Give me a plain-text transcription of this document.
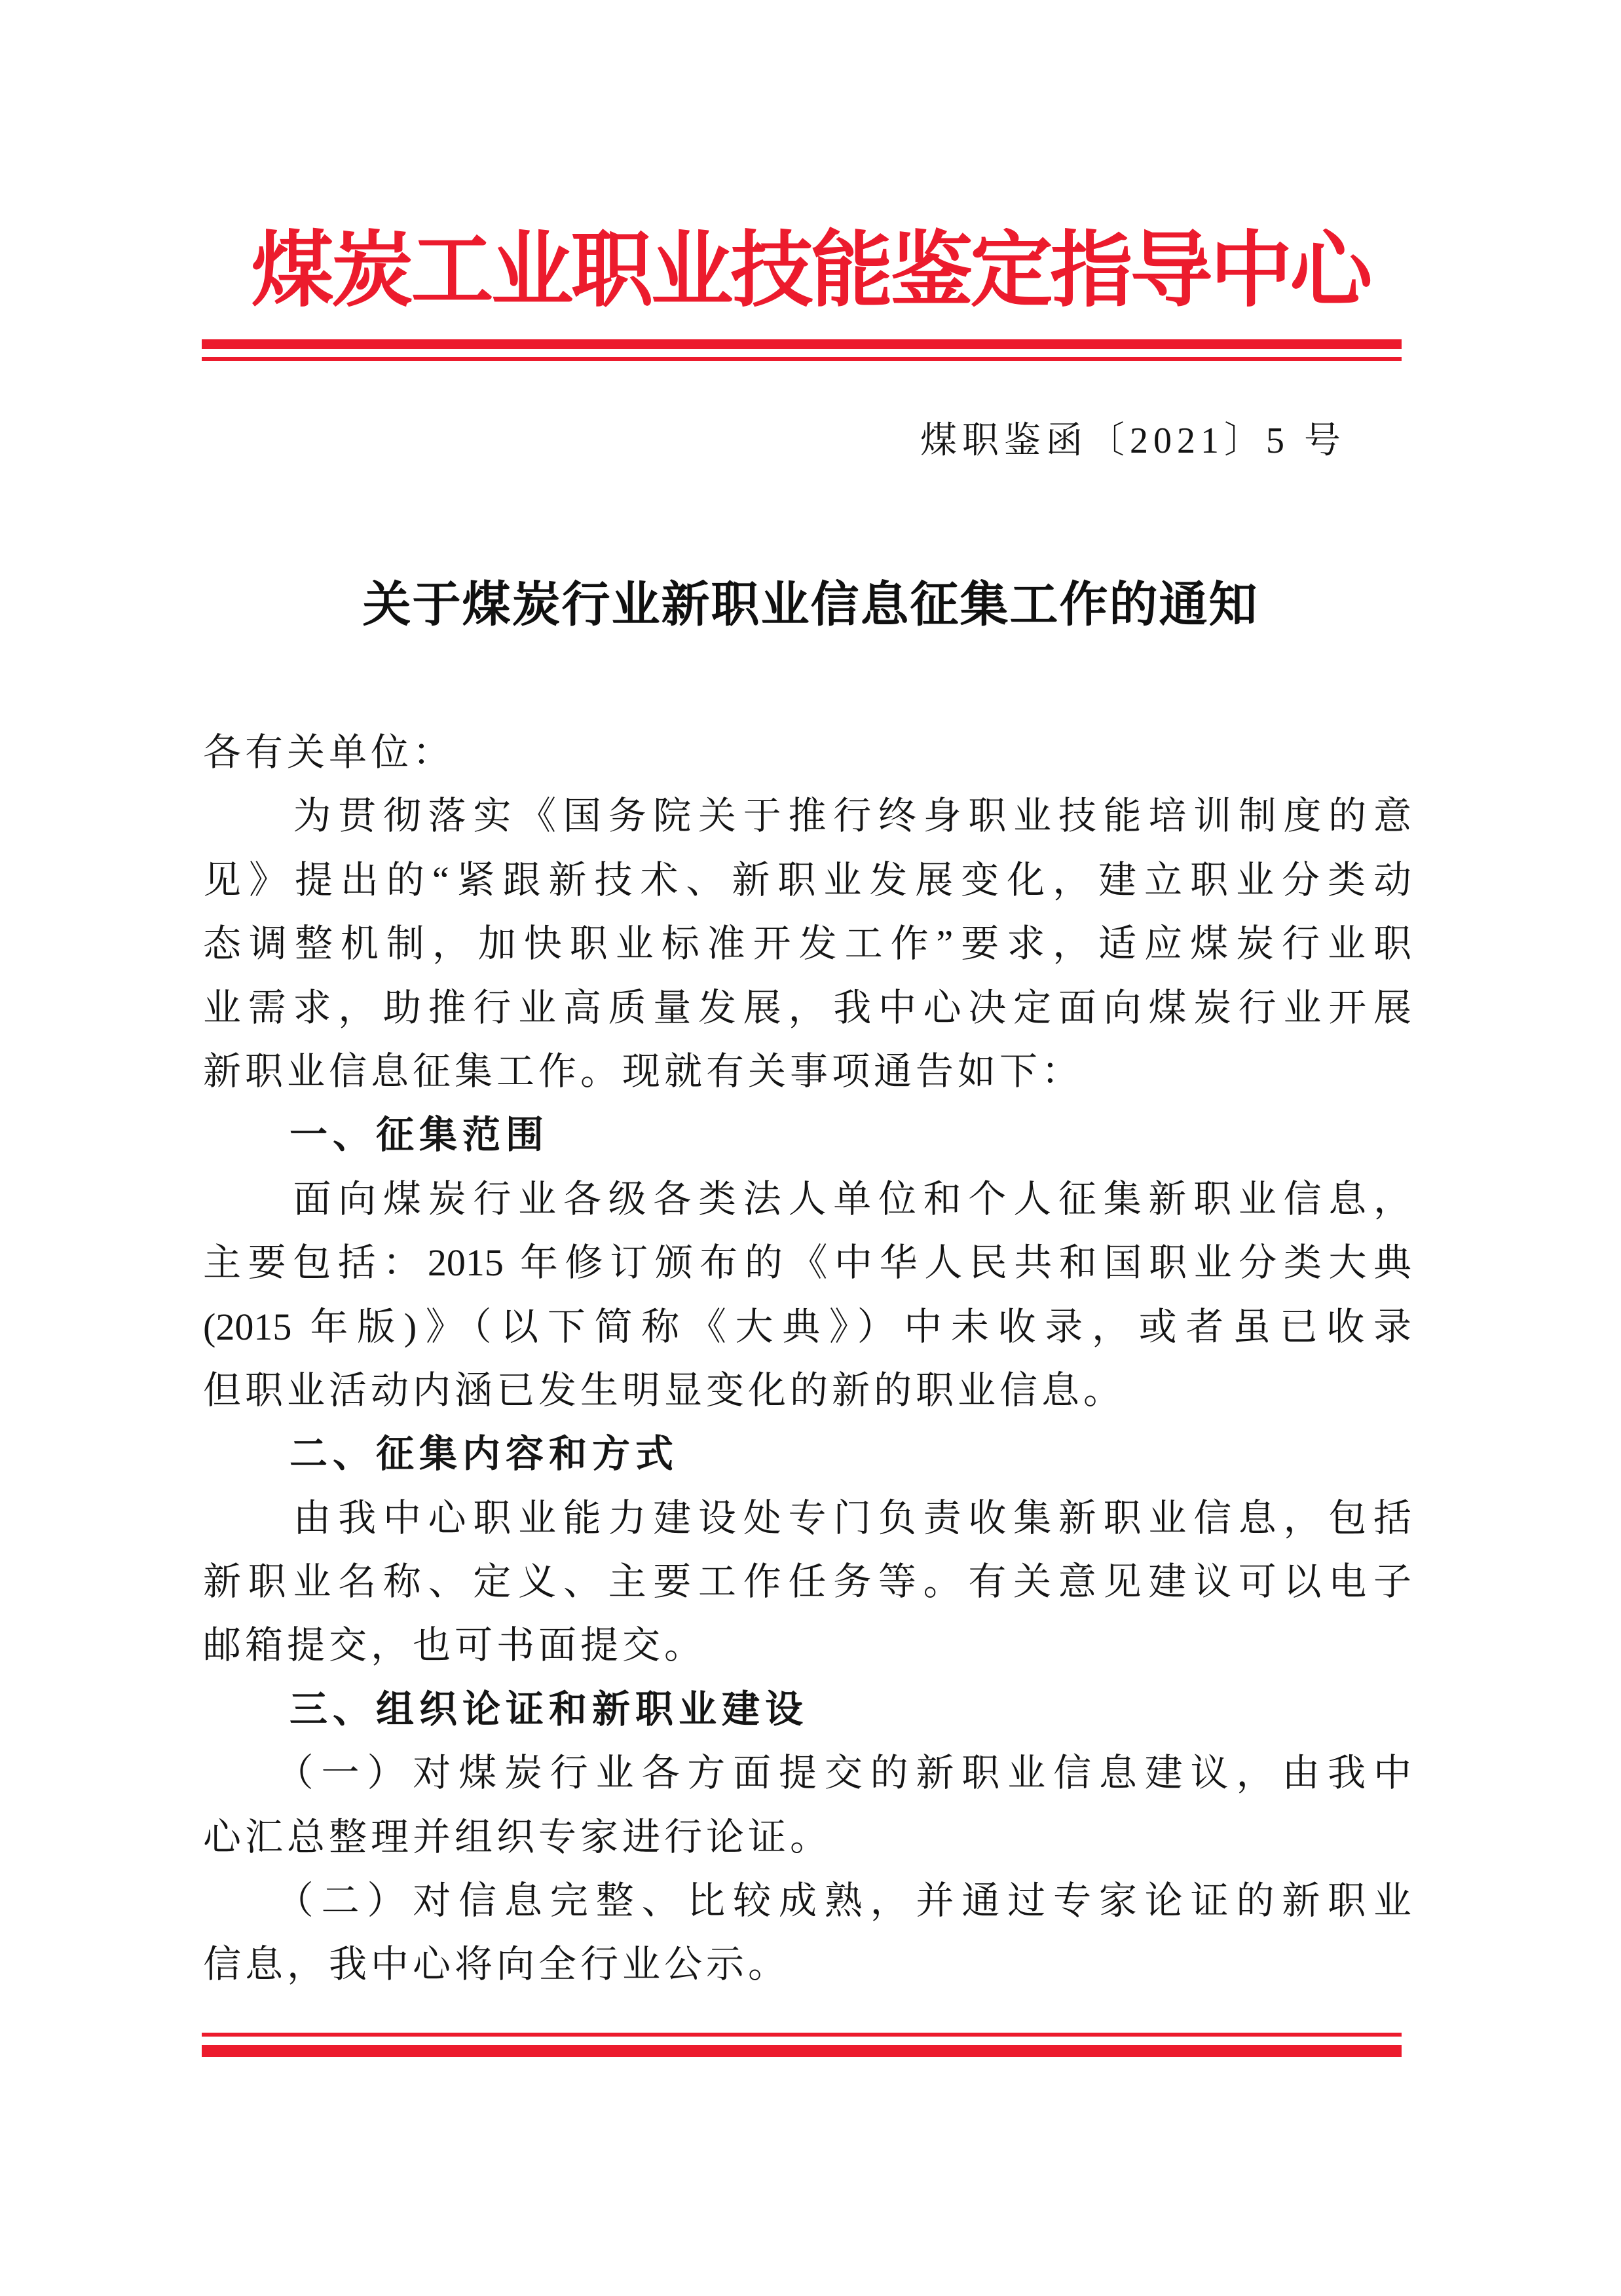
煤炭工业职业技能鉴定指导中心
煤职鉴函〔2021〕5 号
关于煤炭行业新职业信息征集工作的通知
各有关单位：
　　为贯彻落实《国务院关于推行终身职业技能培训制度的意
见》提出的“紧跟新技术、新职业发展变化，建立职业分类动
态调整机制，加快职业标准开发工作”要求，适应煤炭行业职
业需求，助推行业高质量发展，我中心决定面向煤炭行业开展
新职业信息征集工作。现就有关事项通告如下：
　　一、征集范围
　　面向煤炭行业各级各类法人单位和个人征集新职业信息，
主要包括：2015 年修订颁布的《中华人民共和国职业分类大典
(2015 年版)》（以下简称《大典》）中未收录，或者虽已收录
但职业活动内涵已发生明显变化的新的职业信息。
　　二、征集内容和方式
　　由我中心职业能力建设处专门负责收集新职业信息，包括
新职业名称、定义、主要工作任务等。有关意见建议可以电子
邮箱提交，也可书面提交。
　　三、组织论证和新职业建设
　　（一）对煤炭行业各方面提交的新职业信息建议，由我中
心汇总整理并组织专家进行论证。
　　（二）对信息完整、比较成熟，并通过专家论证的新职业
信息，我中心将向全行业公示。
